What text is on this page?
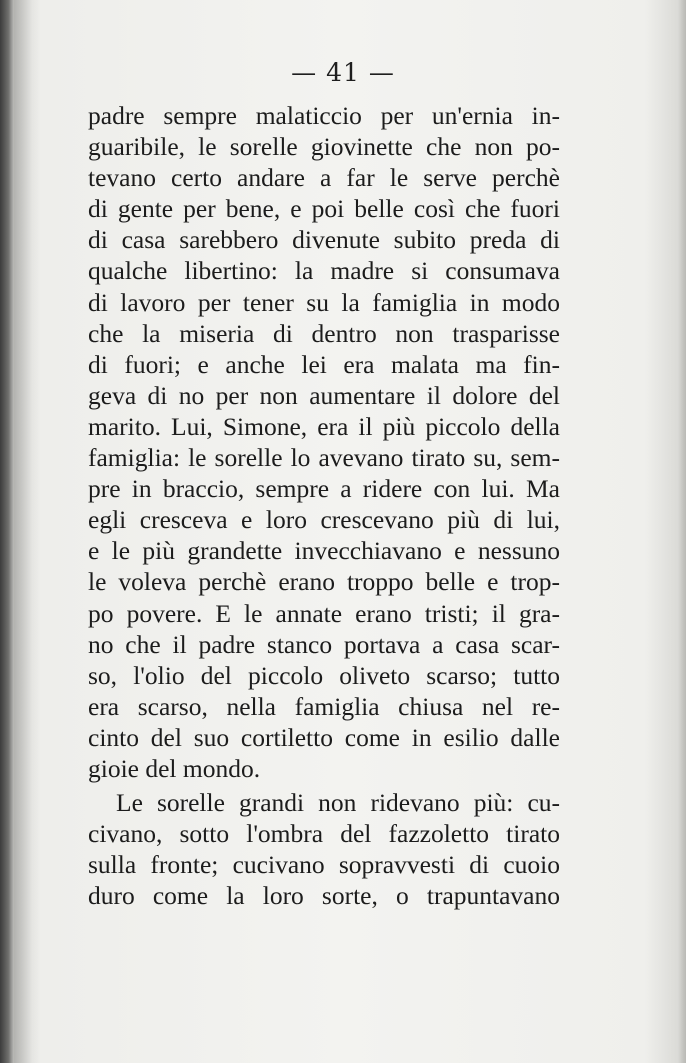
— 41 —
padre sempre malaticcio per un'ernia in-
guaribile, le sorelle giovinette che non po-
tevano certo andare a far le serve perchè
di gente per bene, e poi belle così che fuori
di casa sarebbero divenute subito preda di
qualche libertino: la madre si consumava
di lavoro per tener su la famiglia in modo
che la miseria di dentro non trasparisse
di fuori; e anche lei era malata ma fin-
geva di no per non aumentare il dolore del
marito. Lui, Simone, era il più piccolo della
famiglia: le sorelle lo avevano tirato su, sem-
pre in braccio, sempre a ridere con lui. Ma
egli cresceva e loro crescevano più di lui,
e le più grandette invecchiavano e nessuno
le voleva perchè erano troppo belle e trop-
po povere. E le annate erano tristi; il gra-
no che il padre stanco portava a casa scar-
so, l'olio del piccolo oliveto scarso; tutto
era scarso, nella famiglia chiusa nel re-
cinto del suo cortiletto come in esilio dalle
gioie del mondo.
Le sorelle grandi non ridevano più: cu-
civano, sotto l'ombra del fazzoletto tirato
sulla fronte; cucivano sopravvesti di cuoio
duro come la loro sorte, o trapuntavano
